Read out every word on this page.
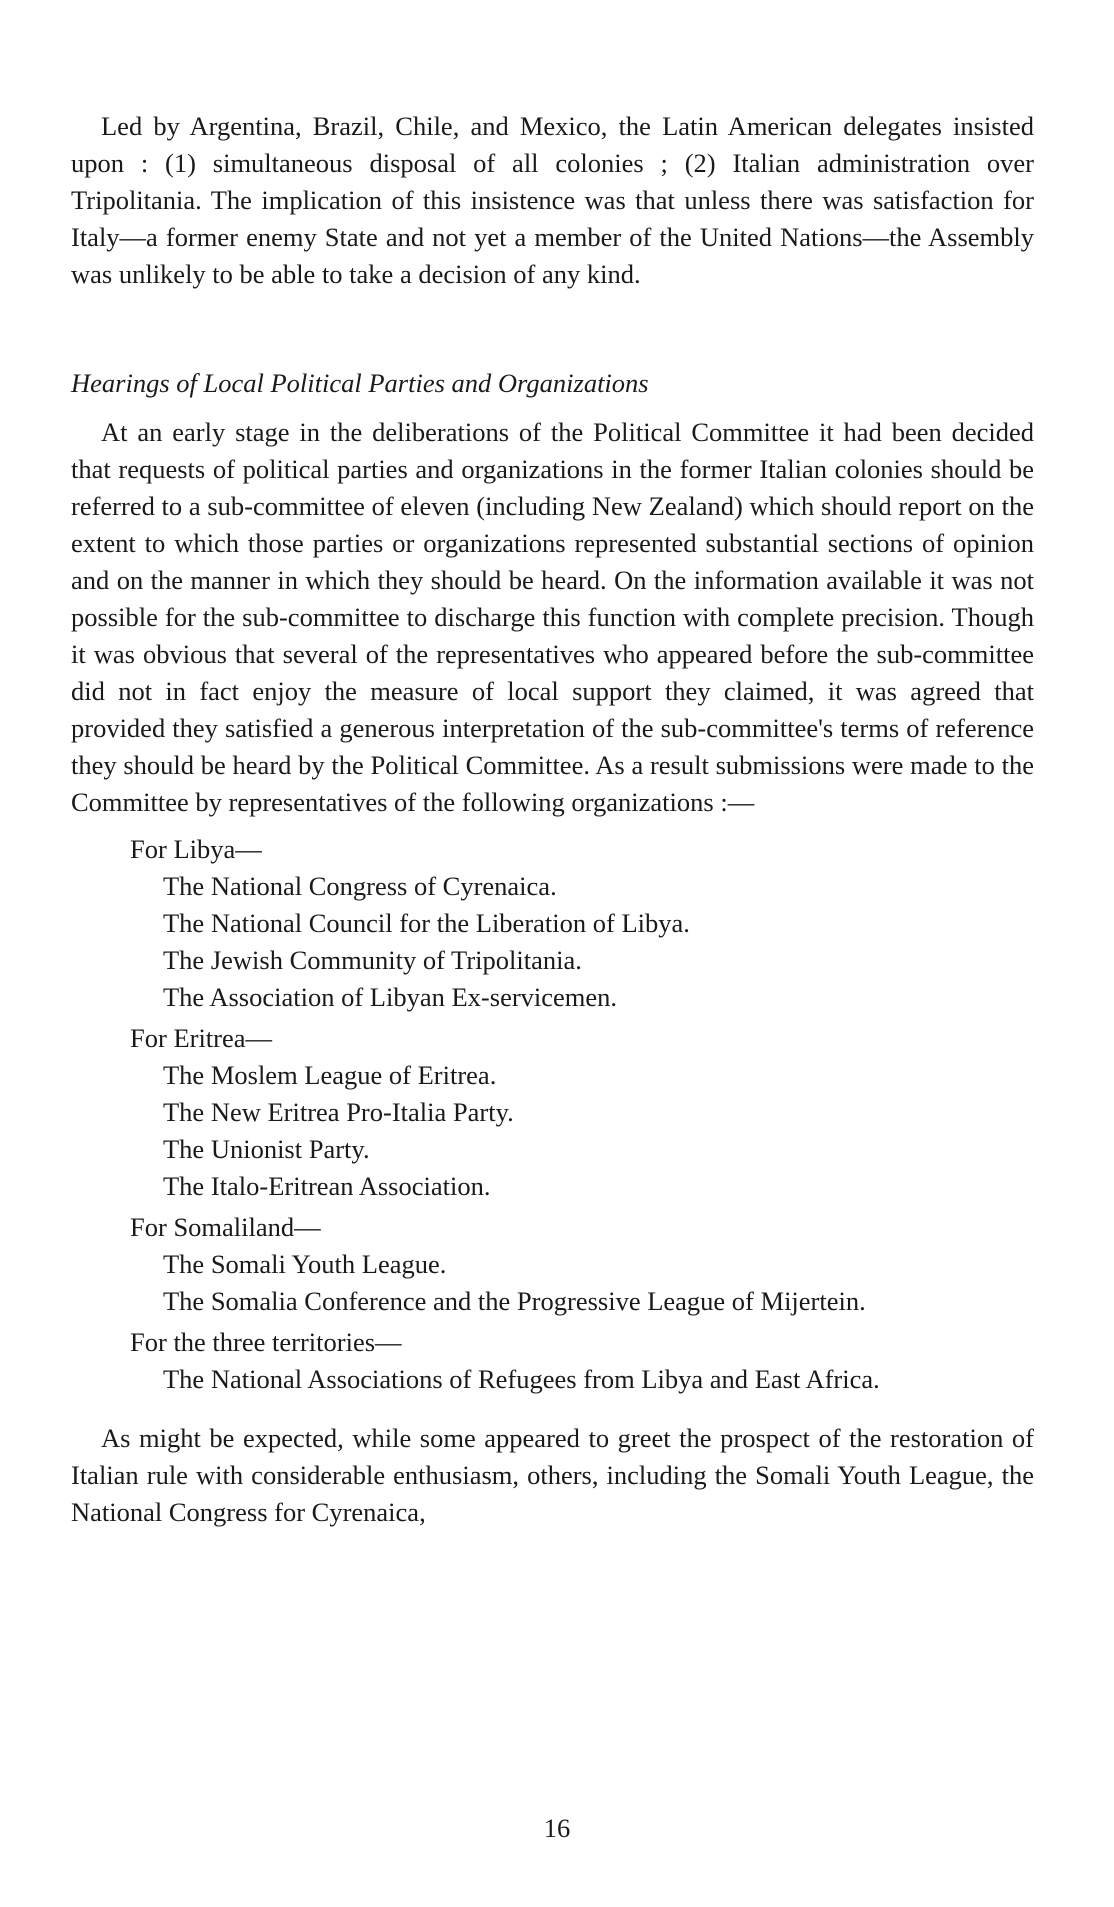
Led by Argentina, Brazil, Chile, and Mexico, the Latin American delegates insisted upon : (1) simultaneous disposal of all colonies ; (2) Italian administration over Tripolitania. The implication of this insistence was that unless there was satisfaction for Italy—a former enemy State and not yet a member of the United Nations—the Assembly was unlikely to be able to take a decision of any kind.

Hearings of Local Political Parties and Organizations

At an early stage in the deliberations of the Political Committee it had been decided that requests of political parties and organizations in the former Italian colonies should be referred to a sub-committee of eleven (including New Zealand) which should report on the extent to which those parties or organizations represented substantial sections of opinion and on the manner in which they should be heard. On the information available it was not possible for the sub-committee to discharge this function with complete precision. Though it was obvious that several of the representatives who appeared before the sub-committee did not in fact enjoy the measure of local support they claimed, it was agreed that provided they satisfied a generous interpretation of the sub-committee's terms of reference they should be heard by the Political Committee. As a result submissions were made to the Committee by representatives of the following organizations :—

For Libya—

The National Congress of Cyrenaica.
The National Council for the Liberation of Libya.
The Jewish Community of Tripolitania.
The Association of Libyan Ex-servicemen.

For Eritrea—

The Moslem League of Eritrea.
The New Eritrea Pro-Italia Party.
The Unionist Party.
The Italo-Eritrean Association.

For Somaliland—

The Somali Youth League.
The Somalia Conference and the Progressive League of Mijertein.

For the three territories—

The National Associations of Refugees from Libya and East Africa.

As might be expected, while some appeared to greet the prospect of the restoration of Italian rule with considerable enthusiasm, others, including the Somali Youth League, the National Congress for Cyrenaica,

16
